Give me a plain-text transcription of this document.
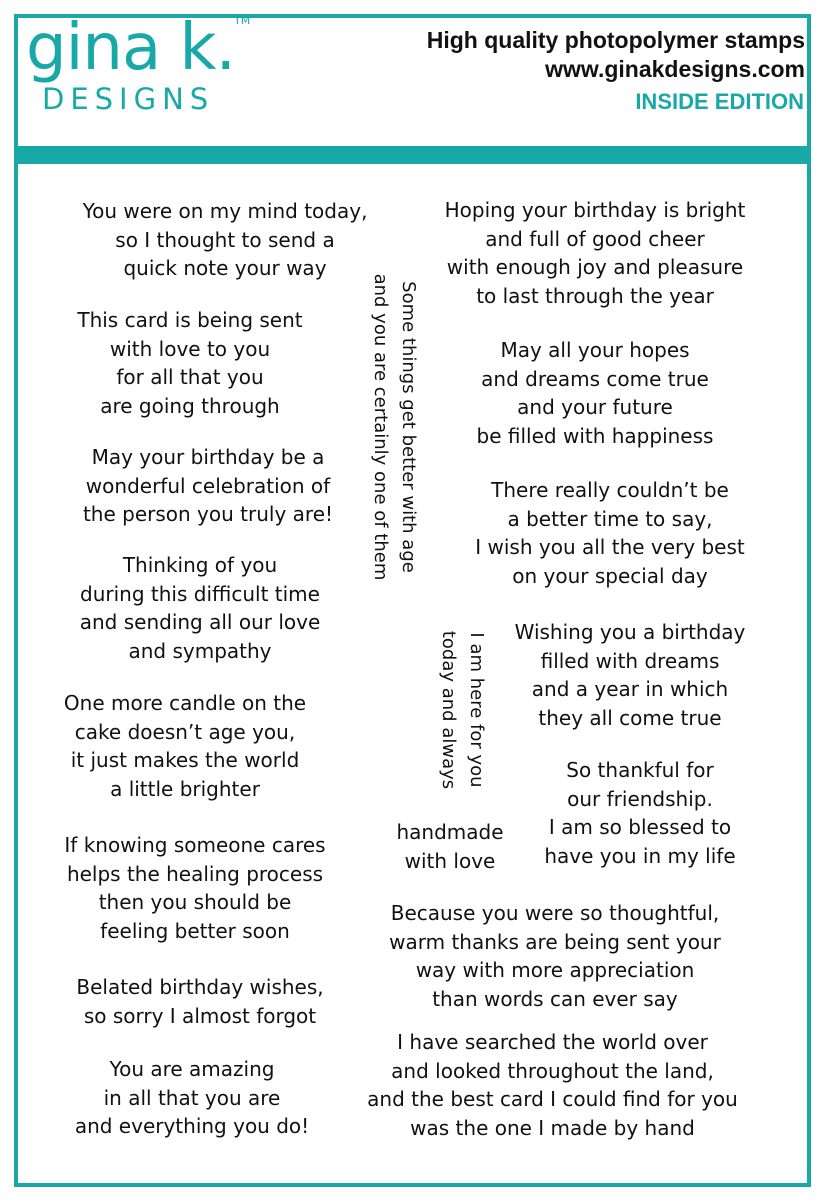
gina k. TM
DESIGNS
High quality photopolymer stamps
www.ginakdesigns.com
INSIDE EDITION
You were on my mind today,
so I thought to send a
quick note your way
This card is being sent
with love to you
for all that you
are going through
May your birthday be a
wonderful celebration of
the person you truly are!
Thinking of you
during this difficult time
and sending all our love
and sympathy
One more candle on the
cake doesn’t age you,
it just makes the world
a little brighter
If knowing someone cares
helps the healing process
then you should be
feeling better soon
Belated birthday wishes,
so sorry I almost forgot
You are amazing
in all that you are
and everything you do!
Some things get better with age
and you are certainly one of them
I am here for you
today and always
Hoping your birthday is bright
and full of good cheer
with enough joy and pleasure
to last through the year
May all your hopes
and dreams come true
and your future
be filled with happiness
There really couldn’t be
a better time to say,
I wish you all the very best
on your special day
Wishing you a birthday
filled with dreams
and a year in which
they all come true
So thankful for
our friendship.
I am so blessed to
have you in my life
handmade
with love
Because you were so thoughtful,
warm thanks are being sent your
way with more appreciation
than words can ever say
I have searched the world over
and looked throughout the land,
and the best card I could find for you
was the one I made by hand
